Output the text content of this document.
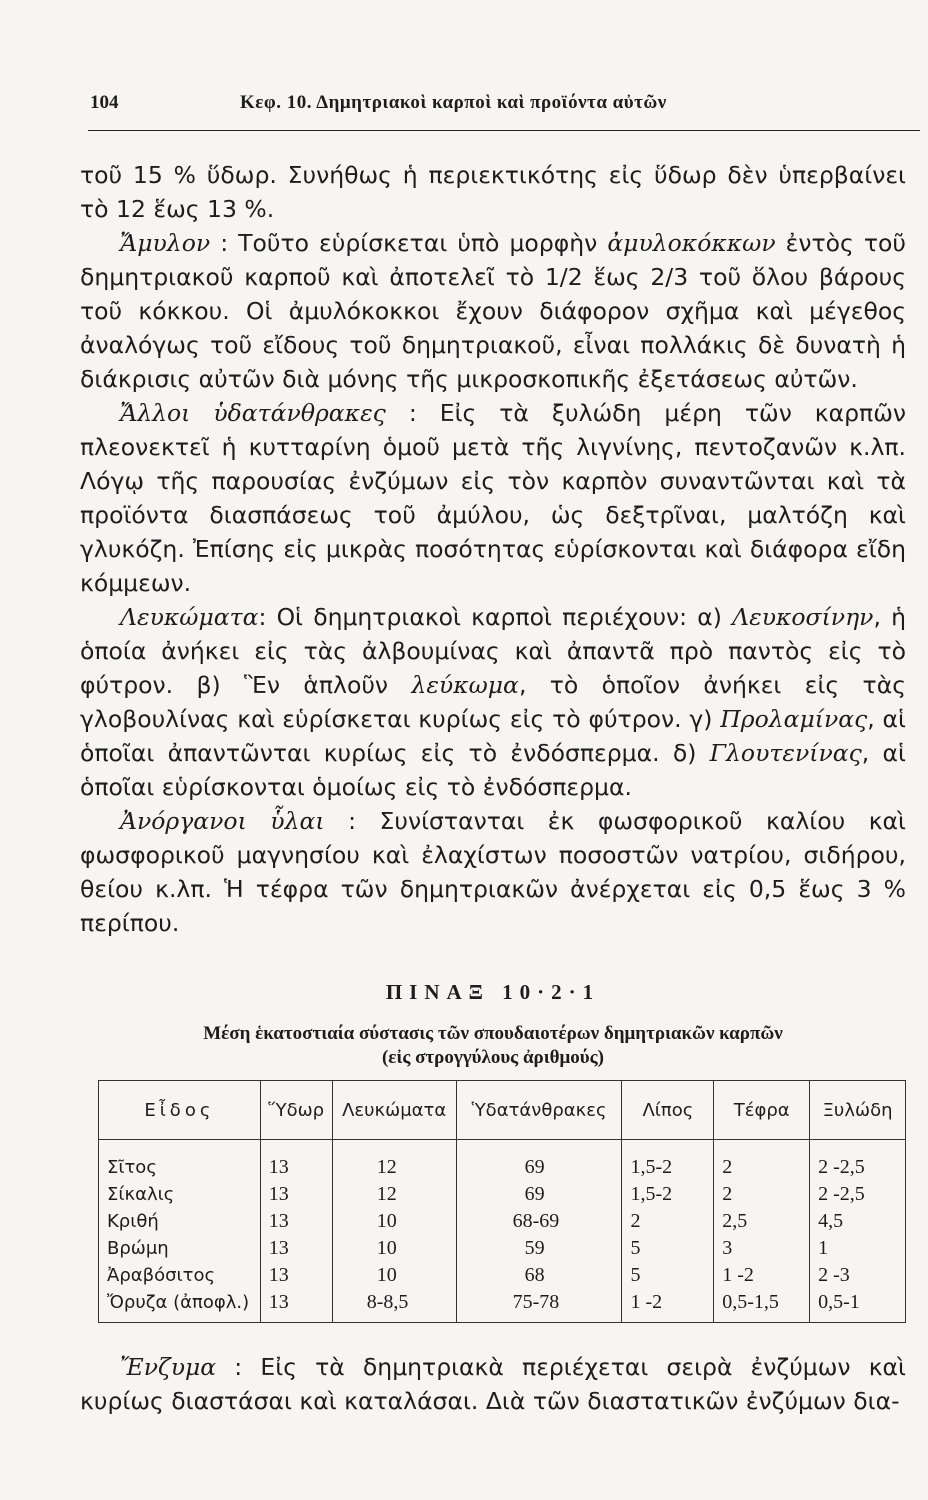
104	Κεφ. 10. Δημητριακοὶ καρποὶ καὶ προϊόντα αὐτῶν

τοῦ 15 % ὕδωρ. Συνήθως ἡ περιεκτικότης εἰς ὕδωρ δὲν ὑπερβαίνει τὸ 12 ἕως 13 %.

Ἄμυλον : Τοῦτο εὑρίσκεται ὑπὸ μορφὴν ἀμυλοκόκκων ἐντὸς τοῦ δημητριακοῦ καρποῦ καὶ ἀποτελεῖ τὸ 1/2 ἕως 2/3 τοῦ ὅλου βάρους τοῦ κόκκου. Οἱ ἀμυλόκοκκοι ἔχουν διάφορον σχῆμα καὶ μέγεθος ἀναλόγως τοῦ εἴδους τοῦ δημητριακοῦ, εἶναι πολλάκις δὲ δυνατὴ ἡ διάκρισις αὐτῶν διὰ μόνης τῆς μικροσκοπικῆς ἐξετάσεως αὐτῶν.

Ἄλλοι ὑδατάνθρακες : Εἰς τὰ ξυλώδη μέρη τῶν καρπῶν πλεονεκτεῖ ἡ κυτταρίνη ὁμοῦ μετὰ τῆς λιγνίνης, πεντοζανῶν κ.λπ. Λόγῳ τῆς παρουσίας ἐνζύμων εἰς τὸν καρπὸν συναντῶνται καὶ τὰ προϊόντα διασπάσεως τοῦ ἀμύλου, ὡς δεξτρῖναι, μαλτόζη καὶ γλυκόζη. Ἐπίσης εἰς μικρὰς ποσότητας εὑρίσκονται καὶ διάφορα εἴδη κόμμεων.

Λευκώματα: Οἱ δημητριακοὶ καρποὶ περιέχουν: α) Λευκοσίνην, ἡ ὁποία ἀνήκει εἰς τὰς ἀλβουμίνας καὶ ἀπαντᾶ πρὸ παντὸς εἰς τὸ φύτρον. β) Ἓν ἁπλοῦν λεύκωμα, τὸ ὁποῖον ἀνήκει εἰς τὰς γλοβουλίνας καὶ εὑρίσκεται κυρίως εἰς τὸ φύτρον. γ) Προλαμίνας, αἱ ὁποῖαι ἀπαντῶνται κυρίως εἰς τὸ ἐνδόσπερμα. δ) Γλουτενίνας, αἱ ὁποῖαι εὑρίσκονται ὁμοίως εἰς τὸ ἐνδόσπερμα.

Ἀνόργανοι ὗλαι : Συνίστανται ἐκ φωσφορικοῦ καλίου καὶ φωσφορικοῦ μαγνησίου καὶ ἐλαχίστων ποσοστῶν νατρίου, σιδήρου, θείου κ.λπ. Ἡ τέφρα τῶν δημητριακῶν ἀνέρχεται εἰς 0,5 ἕως 3 % περίπου.

ΠΙΝΑΞ 10·2·1
Μέση ἑκατοστιαία σύστασις τῶν σπουδαιοτέρων δημητριακῶν καρπῶν
(εἰς στρογγύλους ἀριθμούς)
Εἶδος	Ὕδωρ	Λευκώματα	Ὑδατάνθρακες	Λίπος	Τέφρα	Ξυλώδη
Σῖτος	13	12	69	1,5-2	2	2 -2,5
Σίκαλις	13	12	69	1,5-2	2	2 -2,5
Κριθή	13	10	68-69	2	2,5	4,5
Βρώμη	13	10	59	5	3	1
Ἀραβόσιτος	13	10	68	5	1 -2	2 -3
Ὄρυζα (ἀποφλ.)	13	8-8,5	75-78	1 -2	0,5-1,5	0,5-1

Ἔνζυμα : Εἰς τὰ δημητριακὰ περιέχεται σειρὰ ἐνζύμων καὶ κυρίως διαστάσαι καὶ καταλάσαι. Διὰ τῶν διαστατικῶν ἐνζύμων δια-
